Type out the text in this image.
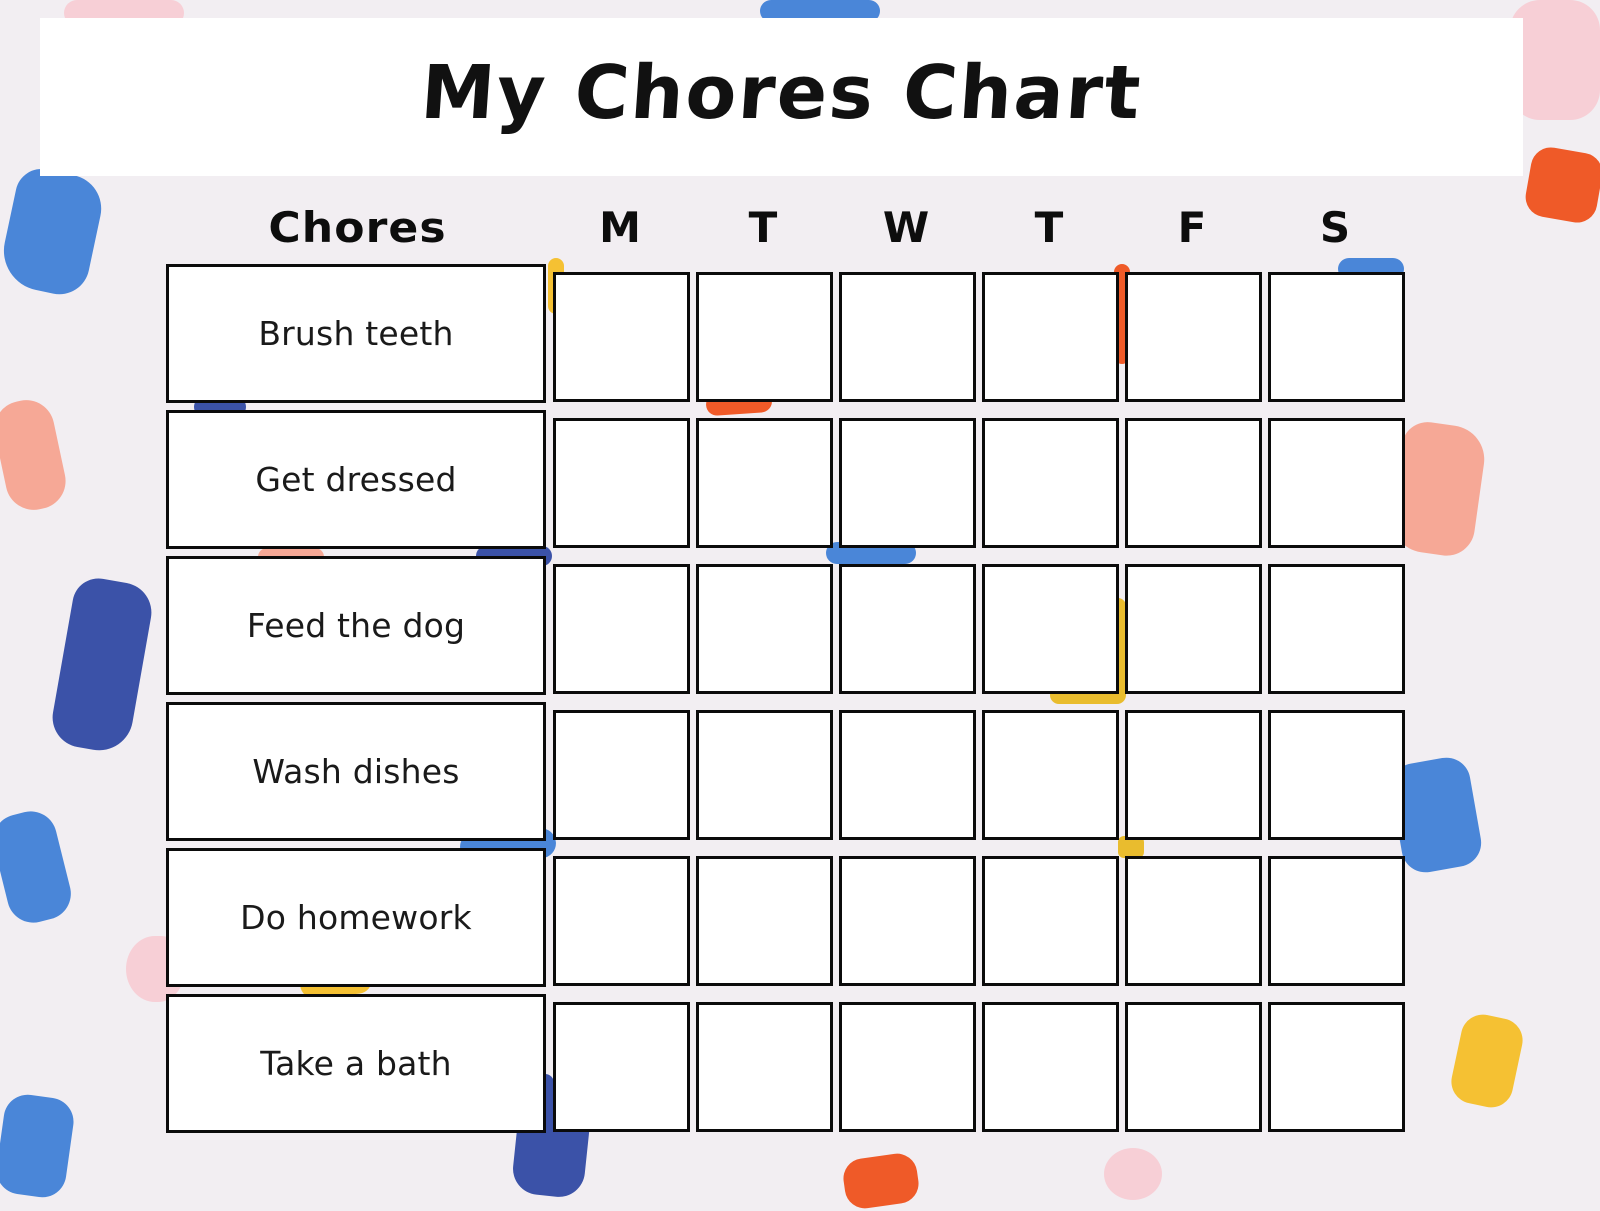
My Chores Chart
Chores	M	T	W	T	F	S
Brush teeth
Get dressed
Feed the dog
Wash dishes
Do homework
Take a bath
